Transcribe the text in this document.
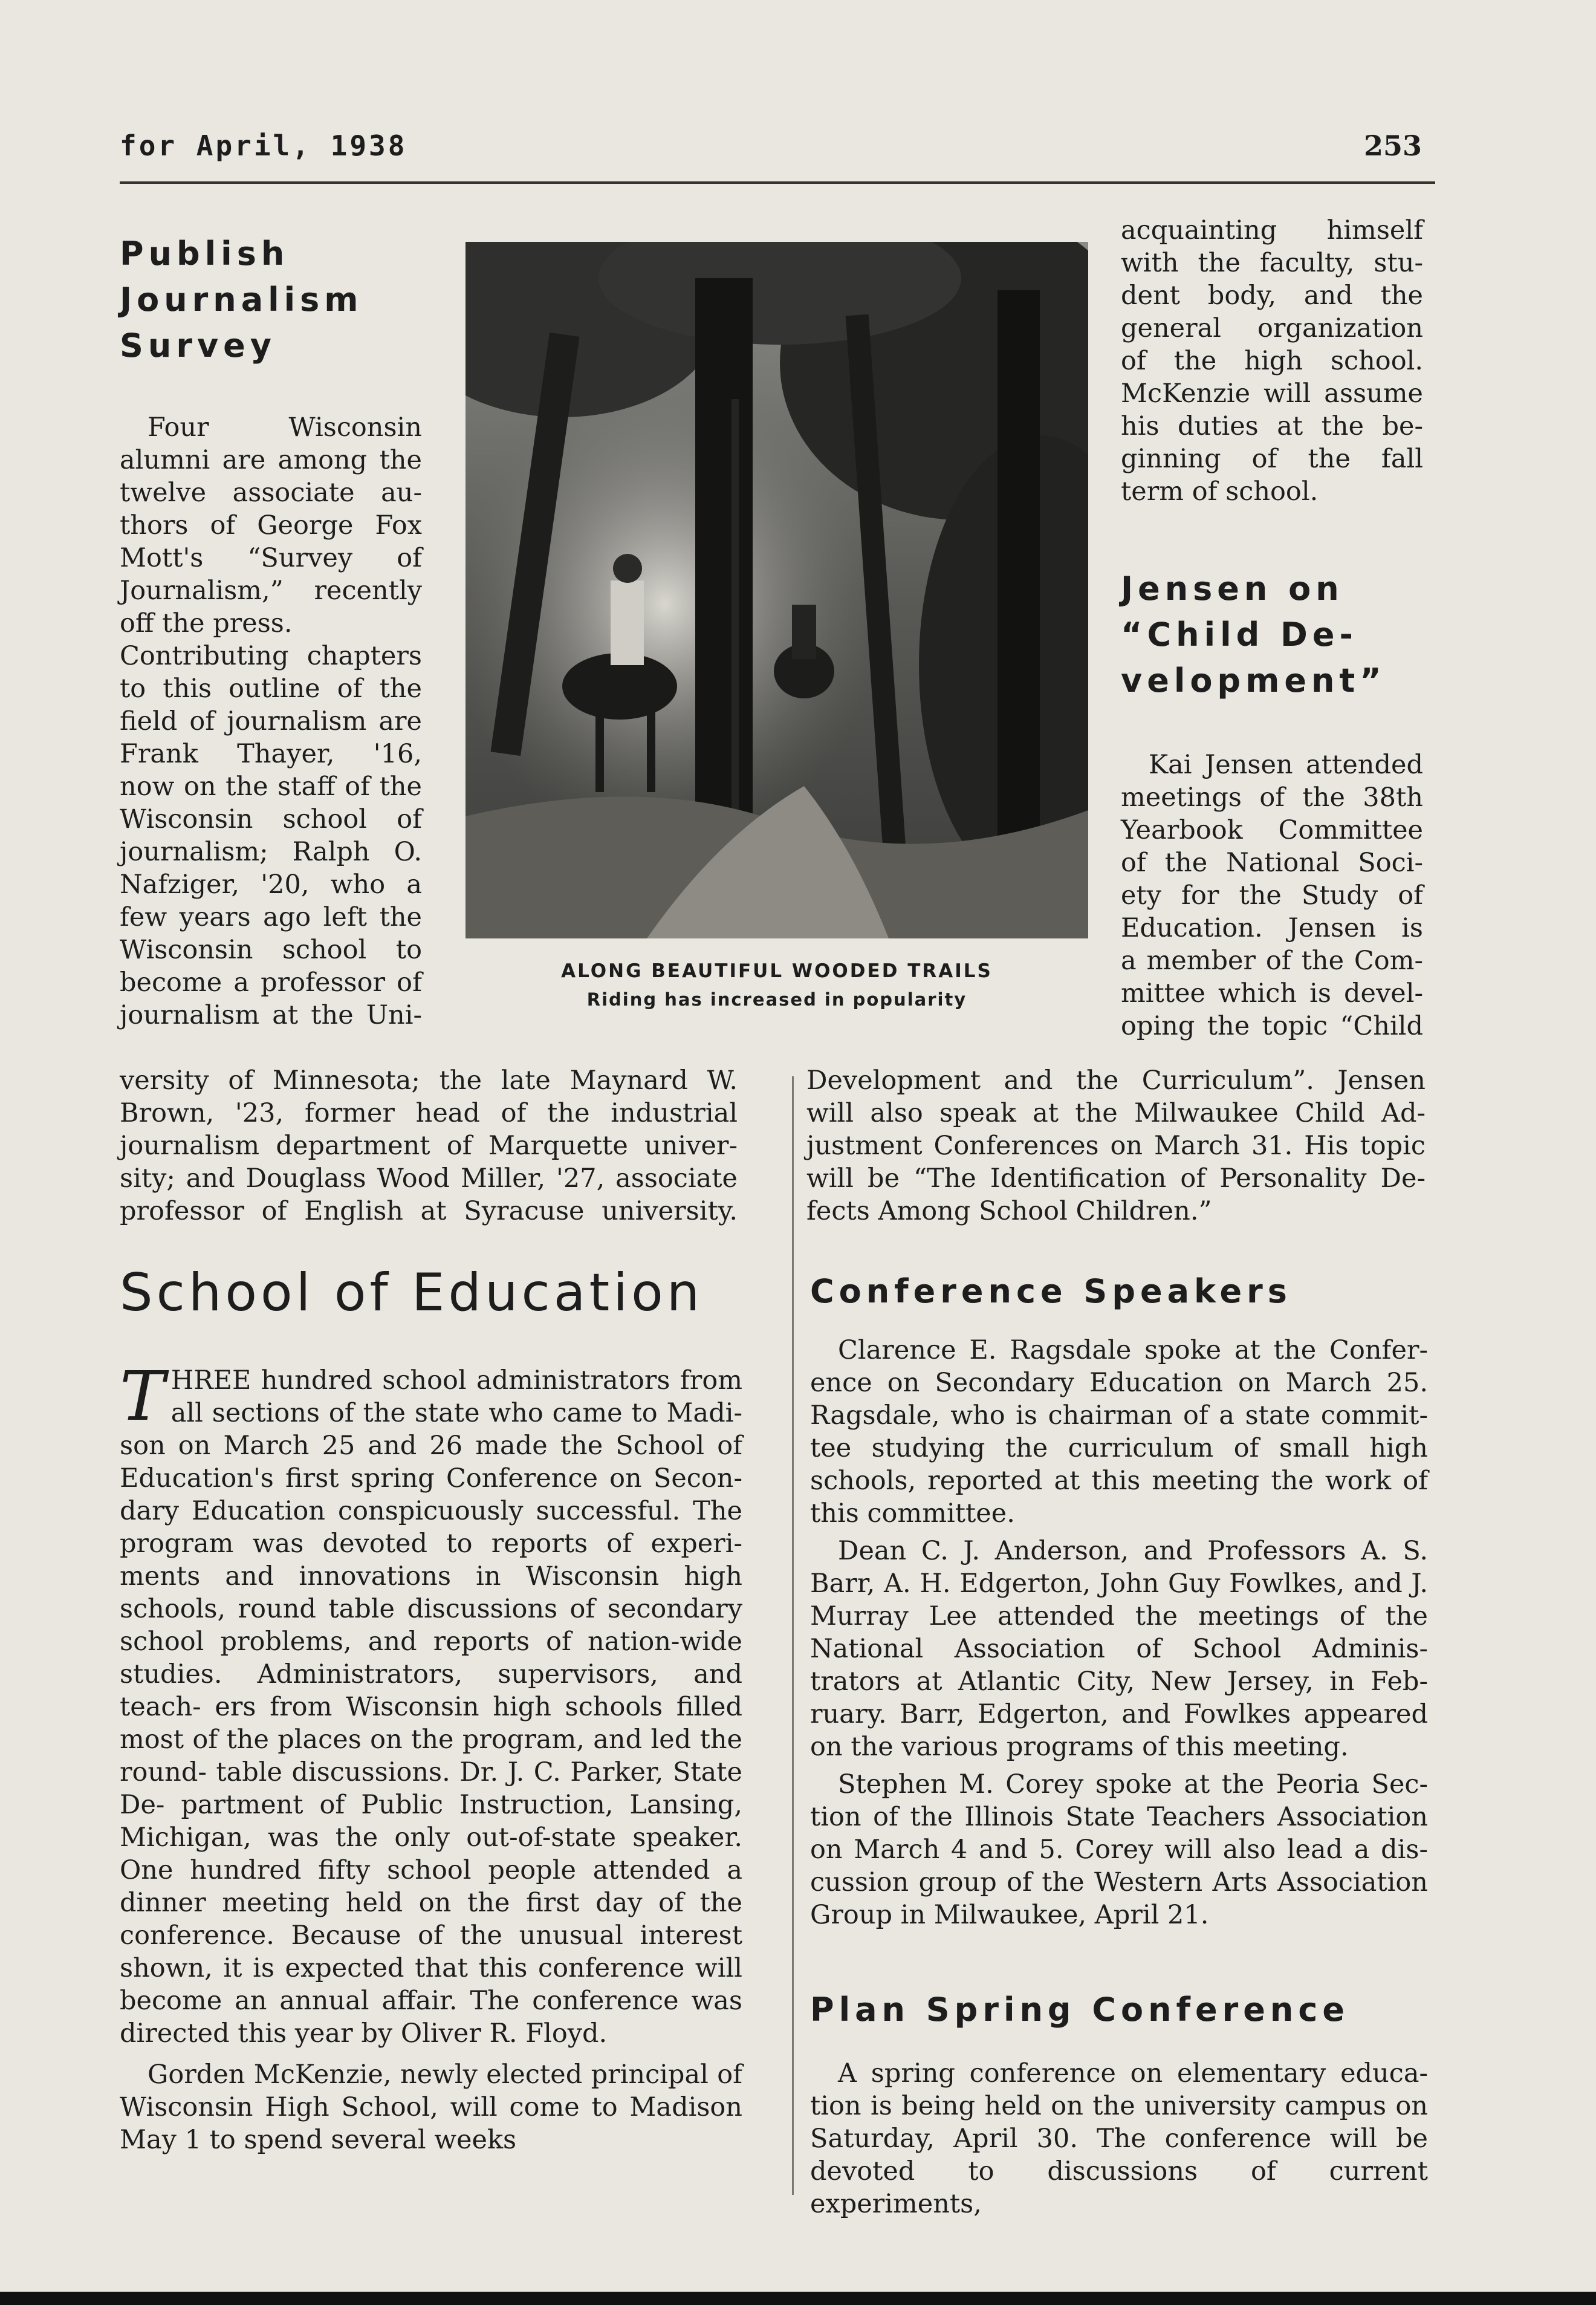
for April, 1938	253
Publish
Journalism
Survey
Four Wisconsin
alumni are among the
twelve associate au-
thors of George Fox
Mott's “Survey of
Journalism,” recently
off the press.
Contributing chapters
to this outline of the
field of journalism are
Frank Thayer, '16,
now on the staff of the
Wisconsin school of
journalism; Ralph O.
Nafziger, '20, who a
few years ago left the
Wisconsin school to
become a professor of
journalism at the Uni-
versity of Minnesota; the late Maynard W.
Brown, '23, former head of the industrial
journalism department of Marquette univer-
sity; and Douglass Wood Miller, '27, associate
professor of English at Syracuse university.
ALONG BEAUTIFUL WOODED TRAILS
Riding has increased in popularity
acquainting himself
with the faculty, stu-
dent body, and the
general organization
of the high school.
McKenzie will assume
his duties at the be-
ginning of the fall
term of school.
Jensen on
“Child De-
velopment”
Kai Jensen attended
meetings of the 38th
Yearbook Committee
of the National Soci-
ety for the Study of
Education. Jensen is
a member of the Com-
mittee which is devel-
oping the topic “Child
Development and the Curriculum”. Jensen
will also speak at the Milwaukee Child Ad-
justment Conferences on March 31. His topic
will be “The Identification of Personality De-
fects Among School Children.”
School of Education

THREE hundred school administrators from all sections of the state who came to Madi- son on March 25 and 26 made the School of Education's first spring Conference on Secon- dary Education conspicuously successful. The program was devoted to reports of experi- ments and innovations in Wisconsin high schools, round table discussions of secondary school problems, and reports of nation-wide studies. Administrators, supervisors, and teach- ers from Wisconsin high schools filled most of the places on the program, and led the round- table discussions. Dr. J. C. Parker, State De- partment of Public Instruction, Lansing, Michigan, was the only out-of-state speaker. One hundred fifty school people attended a dinner meeting held on the first day of the conference. Because of the unusual interest shown, it is expected that this conference will become an annual affair. The conference was directed this year by Oliver R. Floyd.

Gorden McKenzie, newly elected principal of Wisconsin High School, will come to Madison May 1 to spend several weeks

Conference Speakers

Clarence E. Ragsdale spoke at the Confer- ence on Secondary Education on March 25. Ragsdale, who is chairman of a state commit- tee studying the curriculum of small high schools, reported at this meeting the work of this committee.

Dean C. J. Anderson, and Professors A. S. Barr, A. H. Edgerton, John Guy Fowlkes, and J. Murray Lee attended the meetings of the National Association of School Adminis- trators at Atlantic City, New Jersey, in Feb- ruary. Barr, Edgerton, and Fowlkes appeared on the various programs of this meeting.

Stephen M. Corey spoke at the Peoria Sec- tion of the Illinois State Teachers Association on March 4 and 5. Corey will also lead a dis- cussion group of the Western Arts Association Group in Milwaukee, April 21.

Plan Spring Conference

A spring conference on elementary educa- tion is being held on the university campus on Saturday, April 30. The conference will be devoted to discussions of current experiments,
